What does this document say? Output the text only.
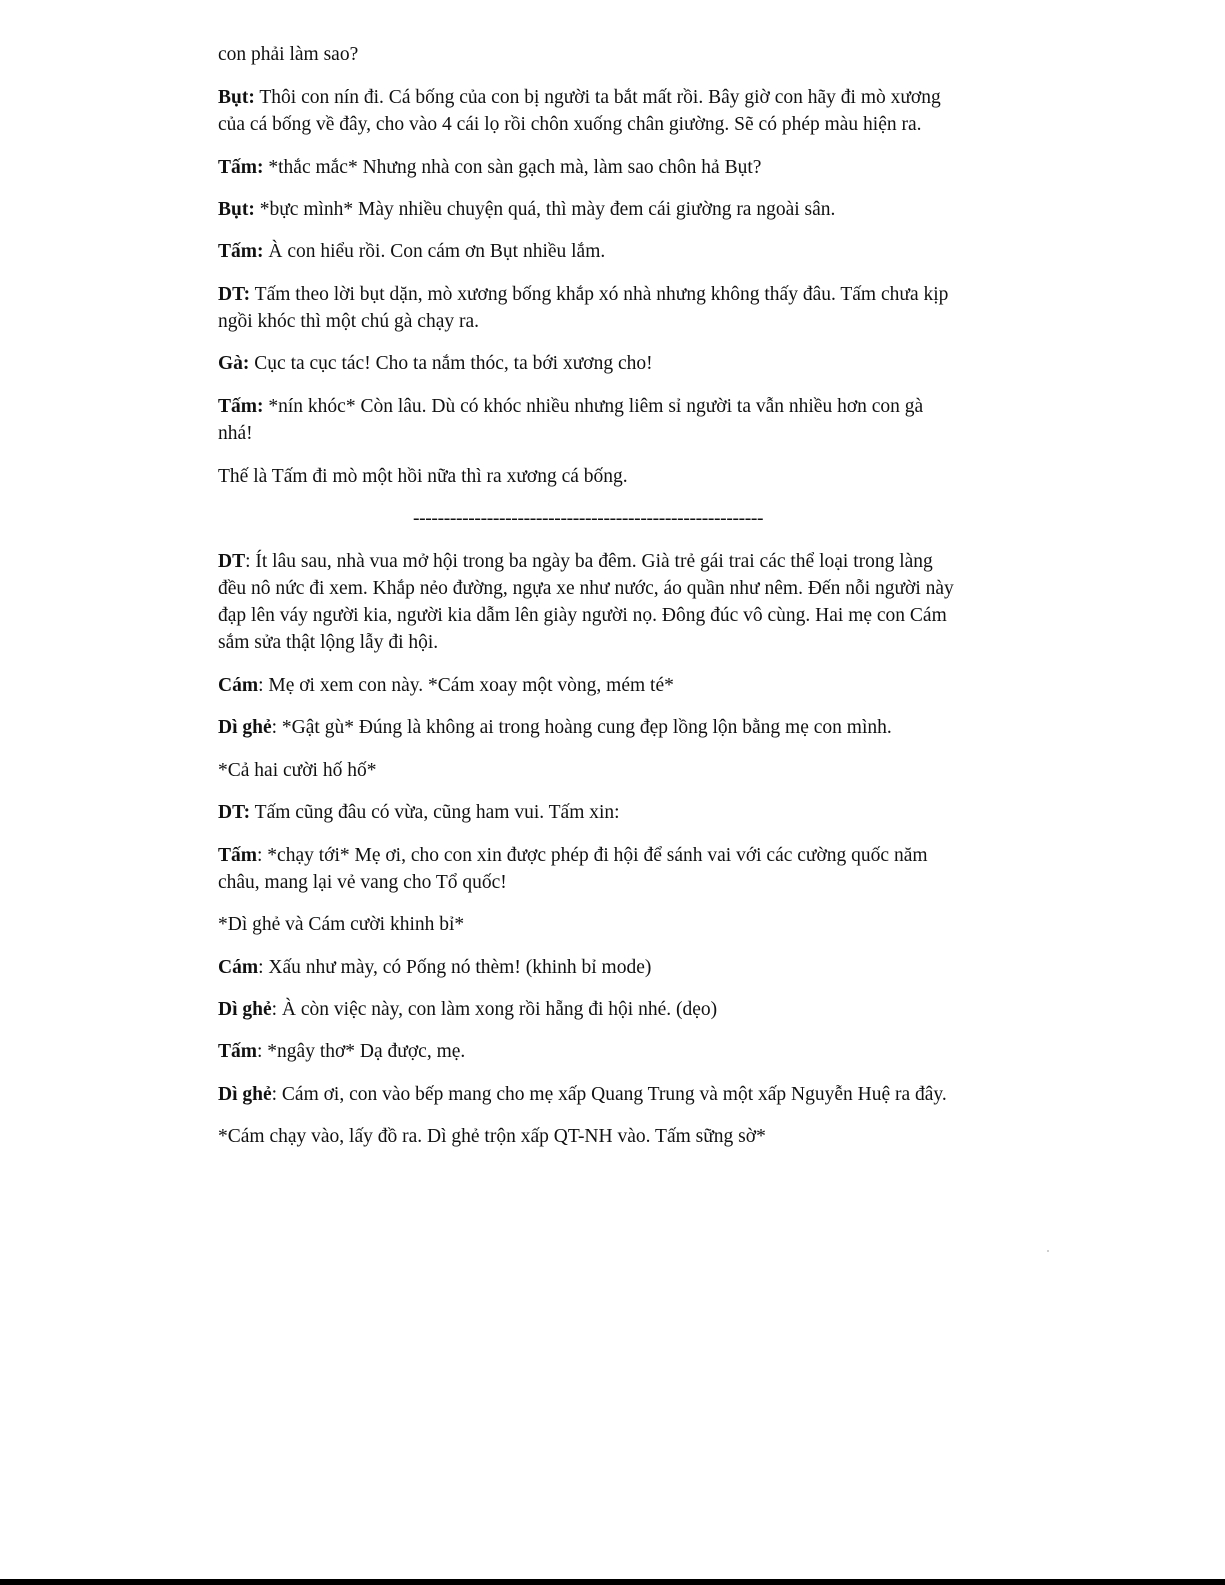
con phải làm sao?
Bụt: Thôi con nín đi. Cá bống của con bị người ta bắt mất rồi. Bây giờ con hãy đi mò xương
của cá bống về đây, cho vào 4 cái lọ rồi chôn xuống chân giường. Sẽ có phép màu hiện ra.
Tấm: *thắc mắc* Nhưng nhà con sàn gạch mà, làm sao chôn hả Bụt?
Bụt: *bực mình* Mày nhiều chuyện quá, thì mày đem cái giường ra ngoài sân.
Tấm: À con hiểu rồi. Con cám ơn Bụt nhiều lắm.
DT: Tấm theo lời bụt dặn, mò xương bống khắp xó nhà nhưng không thấy đâu. Tấm chưa kịp
ngồi khóc thì một chú gà chạy ra.
Gà: Cục ta cục tác! Cho ta nắm thóc, ta bới xương cho!
Tấm: *nín khóc* Còn lâu. Dù có khóc nhiều nhưng liêm sỉ người ta vẫn nhiều hơn con gà
nhá!
Thế là Tấm đi mò một hồi nữa thì ra xương cá bống.
---------------------------------------------------------
DT: Ít lâu sau, nhà vua mở hội trong ba ngày ba đêm. Già trẻ gái trai các thể loại trong làng
đều nô nức đi xem. Khắp nẻo đường, ngựa xe như nước, áo quần như nêm. Đến nỗi người này
đạp lên váy người kia, người kia dẫm lên giày người nọ. Đông đúc vô cùng. Hai mẹ con Cám
sắm sửa thật lộng lẫy đi hội.
Cám: Mẹ ơi xem con này. *Cám xoay một vòng, mém té*
Dì ghẻ: *Gật gù* Đúng là không ai trong hoàng cung đẹp lồng lộn bằng mẹ con mình.
*Cả hai cười hố hố*
DT: Tấm cũng đâu có vừa, cũng ham vui. Tấm xin:
Tấm: *chạy tới* Mẹ ơi, cho con xin được phép đi hội để sánh vai với các cường quốc năm
châu, mang lại vẻ vang cho Tổ quốc!
*Dì ghẻ và Cám cười khinh bỉ*
Cám: Xấu như mày, có Pống nó thèm! (khinh bỉ mode)
Dì ghẻ: À còn việc này, con làm xong rồi hẵng đi hội nhé. (dẹo)
Tấm: *ngây thơ* Dạ được, mẹ.
Dì ghẻ: Cám ơi, con vào bếp mang cho mẹ xấp Quang Trung và một xấp Nguyễn Huệ ra đây.
*Cám chạy vào, lấy đồ ra. Dì ghẻ trộn xấp QT-NH vào. Tấm sững sờ*
